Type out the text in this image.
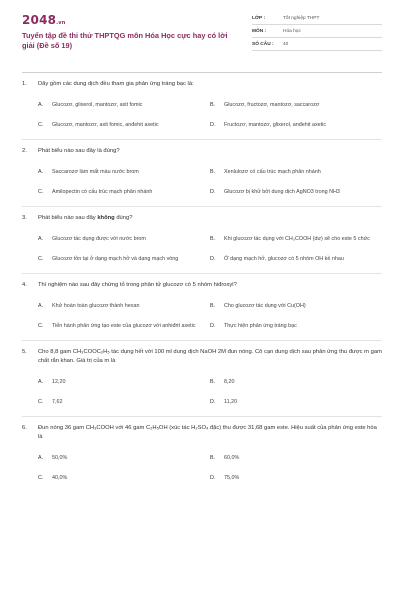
2048.vn
Tuyển tập đề thi thử THPTQG môn Hóa Học cực hay có lời giải (Đề số 19)
LỚP :	Tốt nghiệp THPT
MÔN :	Hóa học
SỐ CÂU :	40
1.	Dãy gồm các dung dịch đều tham gia phản ứng tráng bạc là:
A.	Glucozơ, glixerol, mantozơ, axit fomic	B.	Glucozơ, fructozơ, mantozơ, saccarozơ
C.	Glucozơ, mantozơ, axit fomic, anđehit axetic	D.	Fructozơ, mantozơ, glixerol, anđehit axetic
2.	Phát biểu nào sau đây là đúng?
A.	Saccarozơ làm mất màu nước brom	B.	Xenlulozơ có cấu trúc mạch phân nhánh
C.	Amilopectin có cấu trúc mạch phân nhánh	D.	Glucozơ bị khử bởi dung dịch AgNO3 trong NH3
3.	Phát biểu nào sau đây không đúng?
A.	Glucozơ tác dụng được với nước brom	B.	Khi glucozơ tác dụng với CH₃COOH (dư) sẽ cho este 5 chức
C.	Glucozơ tồn tại ở dạng mạch hở và dạng mạch vòng	D.	Ở dạng mạch hở, glucozơ có 5 nhóm OH kề nhau
4.	Thí nghiệm nào sau đây chứng tỏ trong phân tử glucozơ có 5 nhóm hiđroxyl?
A.	Khử hoàn toàn glucozơ thành hexan	B.	Cho glucozơ tác dụng với Cu(OH)
C.	Tiến hành phản ứng tạo este của glucozơ với anhiđrit axetic	D.	Thực hiện phản ứng tráng bạc
5.	Cho 8,8 gam CH₃COOC₂H₅ tác dụng hết với 100 ml dung dịch NaOH 2M đun nóng. Cô cạn dung dịch sau phản ứng thu được m gam chất rắn khan. Giá trị của m là
A.	12,20	B.	8,20
C.	7,62	D.	11,20
6.	Đun nóng 36 gam CH₃COOH với 46 gam C₂H₅OH (xúc tác H₂SO₄ đặc) thu được 31,68 gam este. Hiệu suất của phản ứng este hóa là
A.	50,0%	B.	60,0%
C.	40,0%	D.	75,0%
